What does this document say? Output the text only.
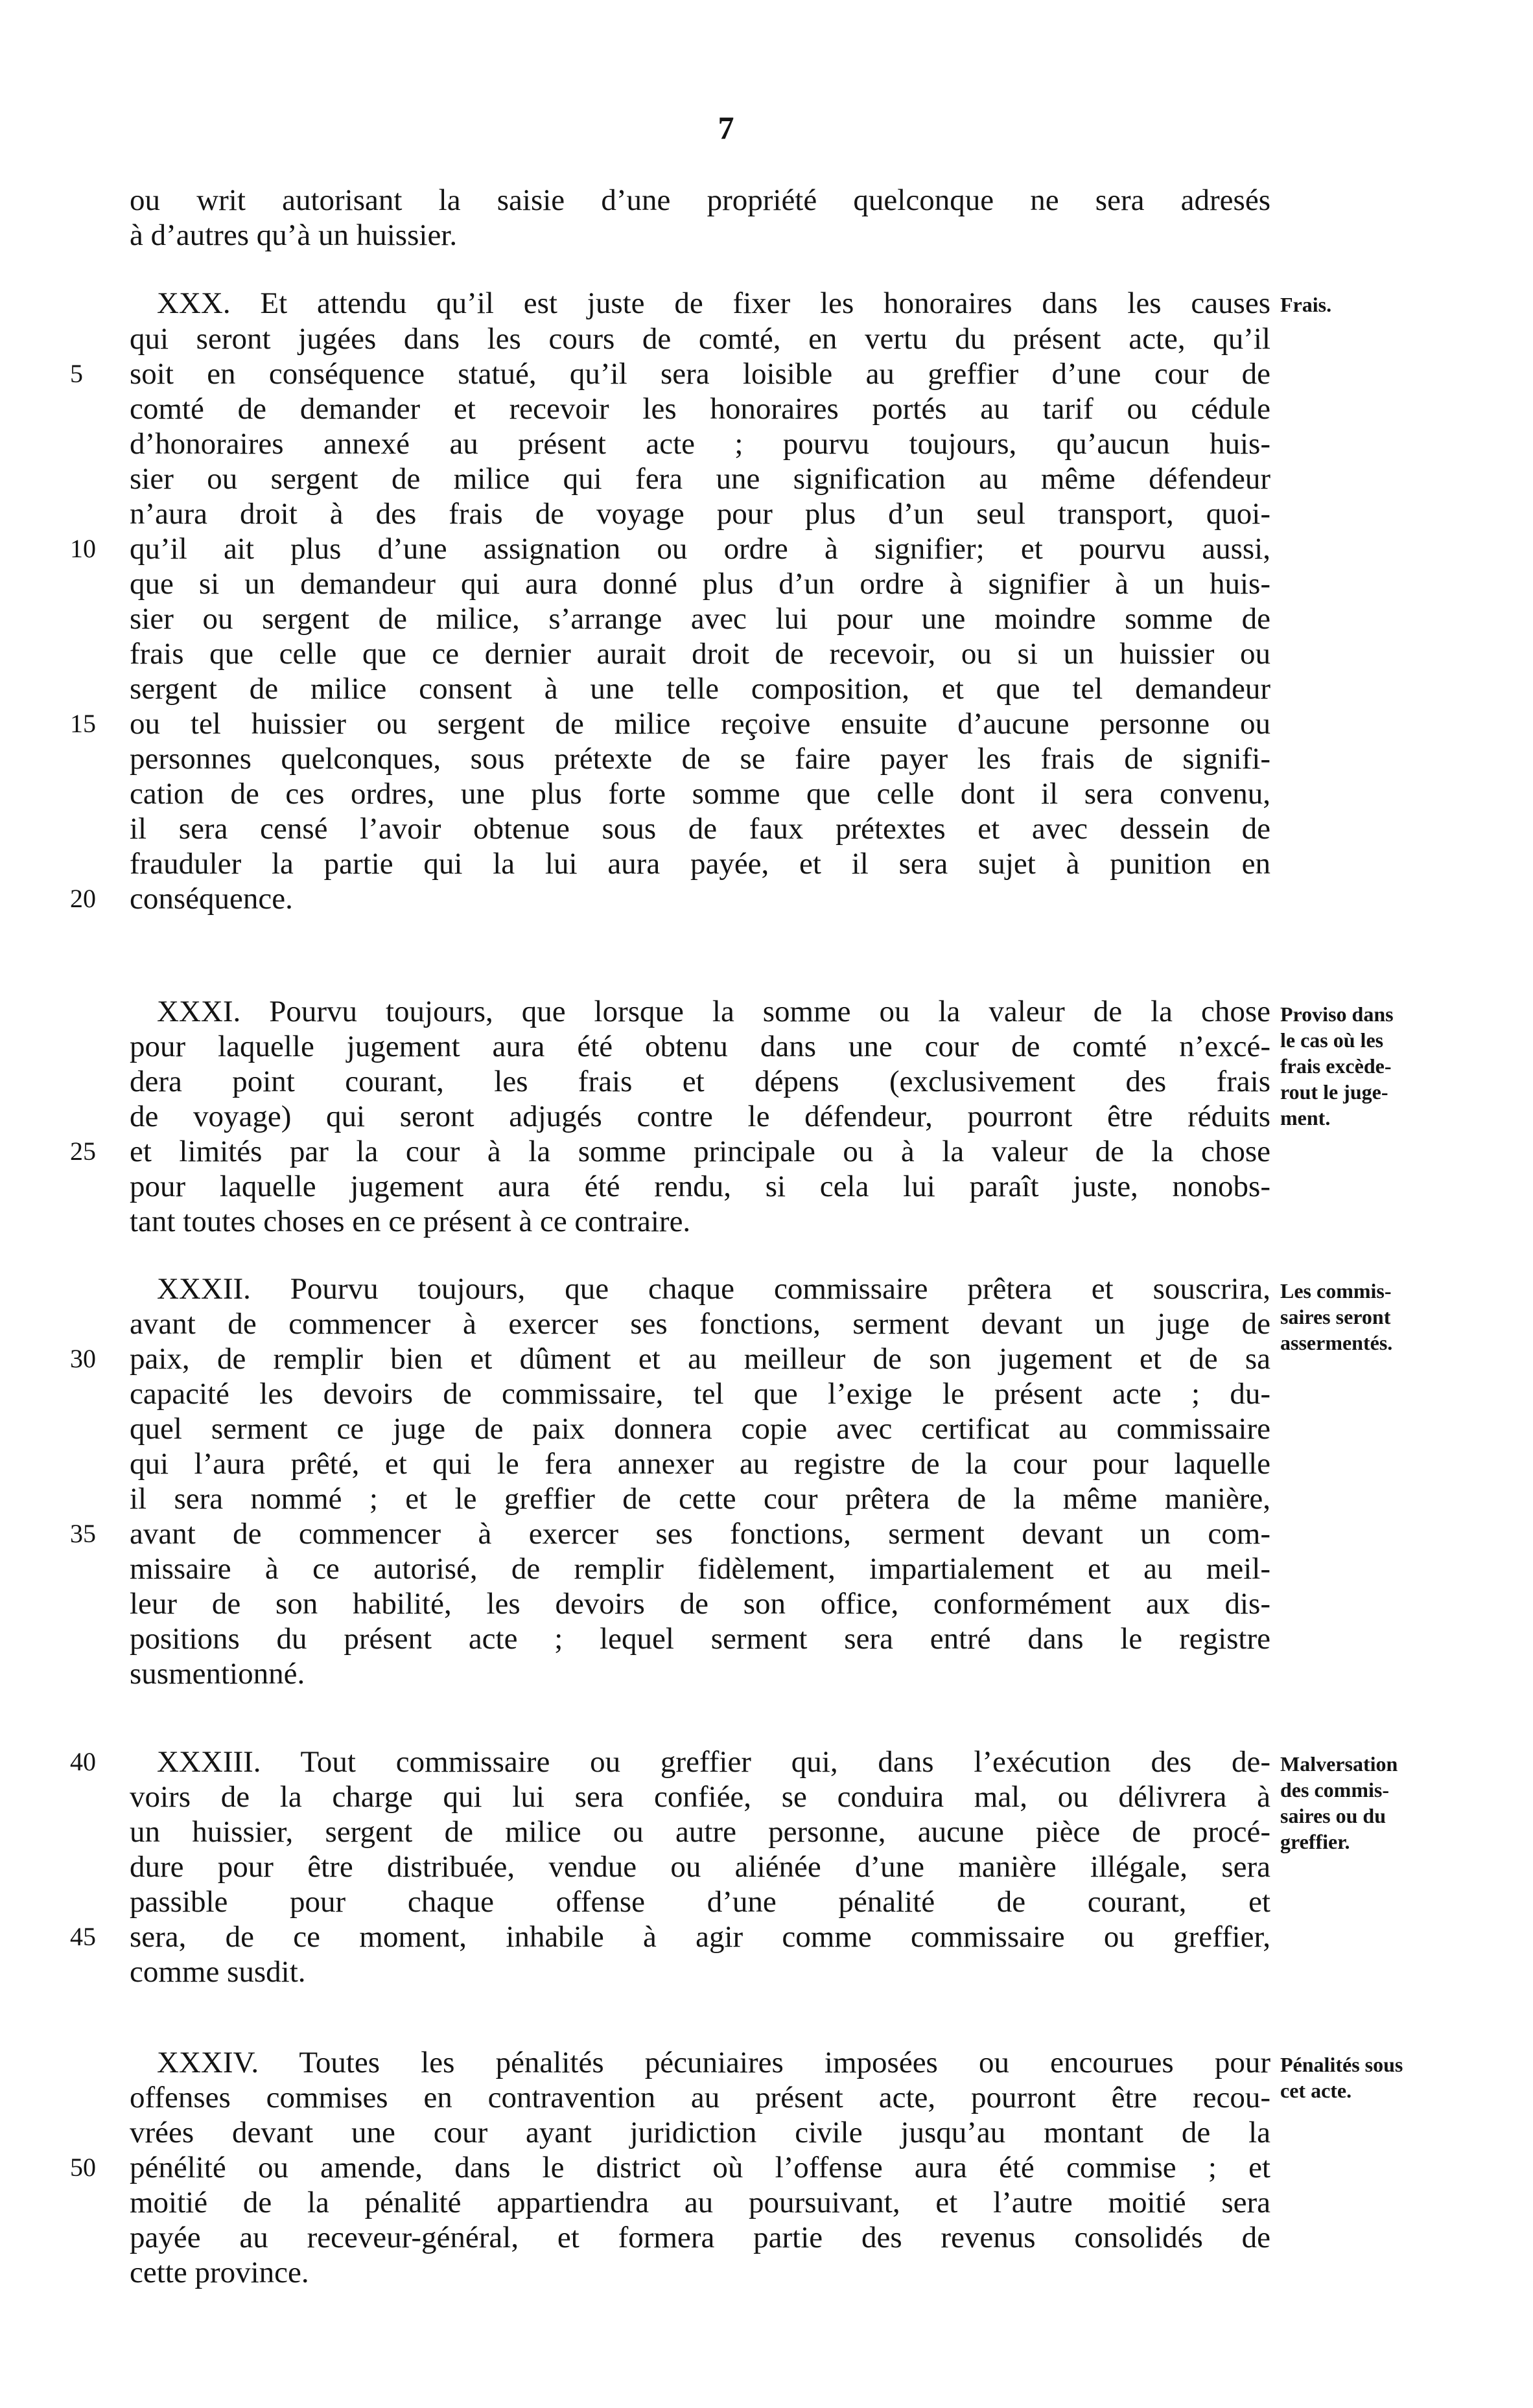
7
5
10
15
20
25
30
35
40
45
50
ou writ autorisant la saisie d’une propriété quelconque ne sera adresés
à d’autres qu’à un huissier.
XXX. Et attendu qu’il est juste de fixer les honoraires dans les causes
qui seront jugées dans les cours de comté, en vertu du présent acte, qu’il
soit en conséquence statué, qu’il sera loisible au greffier d’une cour de
comté de demander et recevoir les honoraires portés au tarif ou cédule
d’honoraires annexé au présent acte ; pourvu toujours, qu’aucun huis-
sier ou sergent de milice qui fera une signification au même défendeur
n’aura droit à des frais de voyage pour plus d’un seul transport, quoi-
qu’il ait plus d’une assignation ou ordre à signifier; et pourvu aussi,
que si un demandeur qui aura donné plus d’un ordre à signifier à un huis-
sier ou sergent de milice, s’arrange avec lui pour une moindre somme de
frais que celle que ce dernier aurait droit de recevoir, ou si un huissier ou
sergent de milice consent à une telle composition, et que tel demandeur
ou tel huissier ou sergent de milice reçoive ensuite d’aucune personne ou
personnes quelconques, sous prétexte de se faire payer les frais de signifi-
cation de ces ordres, une plus forte somme que celle dont il sera convenu,
il sera censé l’avoir obtenue sous de faux prétextes et avec dessein de
frauduler la partie qui la lui aura payée, et il sera sujet à punition en
conséquence.
XXXI. Pourvu toujours, que lorsque la somme ou la valeur de la chose
pour laquelle jugement aura été obtenu dans une cour de comté n’excé-
dera point courant, les frais et dépens (exclusivement des frais
de voyage) qui seront adjugés contre le défendeur, pourront être réduits
et limités par la cour à la somme principale ou à la valeur de la chose
pour laquelle jugement aura été rendu, si cela lui paraît juste, nonobs-
tant toutes choses en ce présent à ce contraire.
XXXII. Pourvu toujours, que chaque commissaire prêtera et souscrira,
avant de commencer à exercer ses fonctions, serment devant un juge de
paix, de remplir bien et dûment et au meilleur de son jugement et de sa
capacité les devoirs de commissaire, tel que l’exige le présent acte ; du-
quel serment ce juge de paix donnera copie avec certificat au commissaire
qui l’aura prêté, et qui le fera annexer au registre de la cour pour laquelle
il sera nommé ; et le greffier de cette cour prêtera de la même manière,
avant de commencer à exercer ses fonctions, serment devant un com-
missaire à ce autorisé, de remplir fidèlement, impartialement et au meil-
leur de son habilité, les devoirs de son office, conformément aux dis-
positions du présent acte ; lequel serment sera entré dans le registre
susmentionné.
XXXIII. Tout commissaire ou greffier qui, dans l’exécution des de-
voirs de la charge qui lui sera confiée, se conduira mal, ou délivrera à
un huissier, sergent de milice ou autre personne, aucune pièce de procé-
dure pour être distribuée, vendue ou aliénée d’une manière illégale, sera
passible pour chaque offense d’une pénalité de courant, et
sera, de ce moment, inhabile à agir comme commissaire ou greffier,
comme susdit.
XXXIV. Toutes les pénalités pécuniaires imposées ou encourues pour
offenses commises en contravention au présent acte, pourront être recou-
vrées devant une cour ayant juridiction civile jusqu’au montant de la
pénélité ou amende, dans le district où l’offense aura été commise ; et
moitié de la pénalité appartiendra au poursuivant, et l’autre moitié sera
payée au receveur-général, et formera partie des revenus consolidés de
cette province.
Frais.
Proviso dans
le cas où les
frais excède-
rout le juge-
ment.
Les commis-
saires seront
assermentés.
Malversation
des commis-
saires ou du
greffier.
Pénalités sous
cet acte.
